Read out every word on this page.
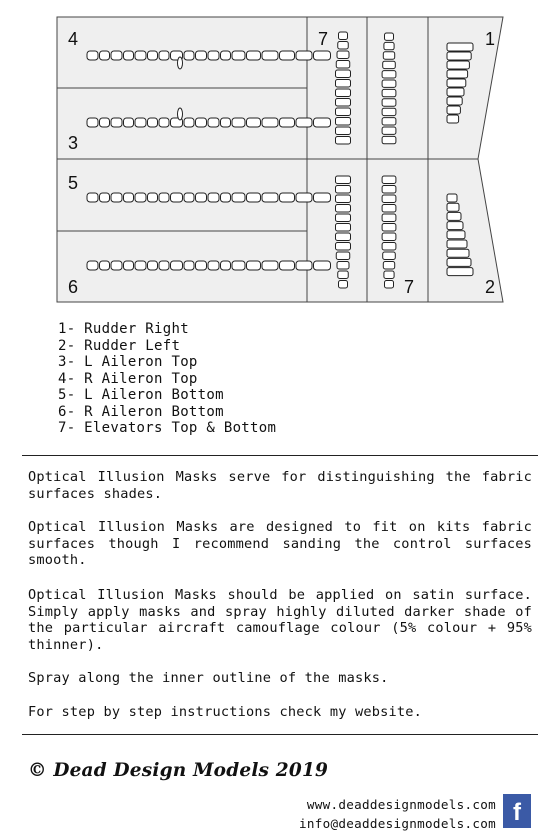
4
3
5
6
7
7
1
2
1- Rudder Right
2- Rudder Left
3- L Aileron Top
4- R Aileron Top
5- L Aileron Bottom
6- R Aileron Bottom
7- Elevators Top & Bottom
Optical Illusion Masks serve for distinguishing the fabric surfaces shades.
Optical Illusion Masks are designed to fit on kits fabric surfaces though I recommend sanding the control surfaces smooth.
Optical Illusion Masks should be applied on satin surface. Simply apply masks and spray highly diluted darker shade of the particular aircraft camouflage colour (5% colour + 95% thinner).
Spray along the inner outline of the masks.
For step by step instructions check my website.
© Dead Design Models 2019
www.deaddesignmodels.com
info@deaddesignmodels.com f
